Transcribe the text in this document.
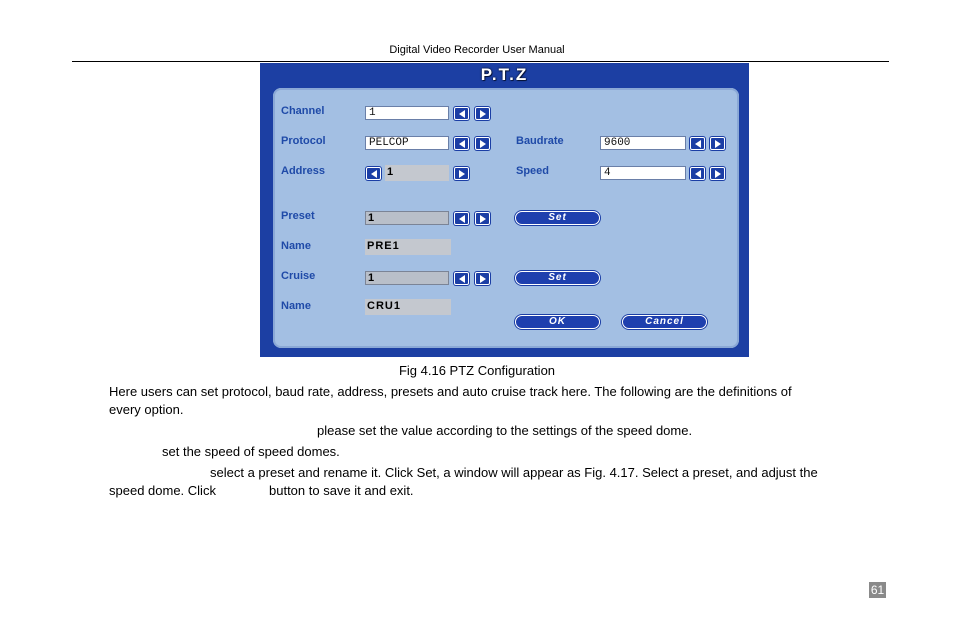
Digital Video Recorder User Manual
P.T.Z
Channel	1
Protocol	PELCOP	Baudrate	9600
Address	1	Speed	4
Preset	1	Set
Name	PRE1
Cruise	1	Set
Name	CRU1
OK	Cancel
Fig 4.16 PTZ Configuration
Here users can set protocol, baud rate, address, presets and auto cruise track here. The following are the definitions of
every option.
please set the value according to the settings of the speed dome.
set the speed of speed domes.
select a preset and rename it. Click Set, a window will appear as Fig. 4.17. Select a preset, and adjust the
speed dome. Click	button to save it and exit.
61
